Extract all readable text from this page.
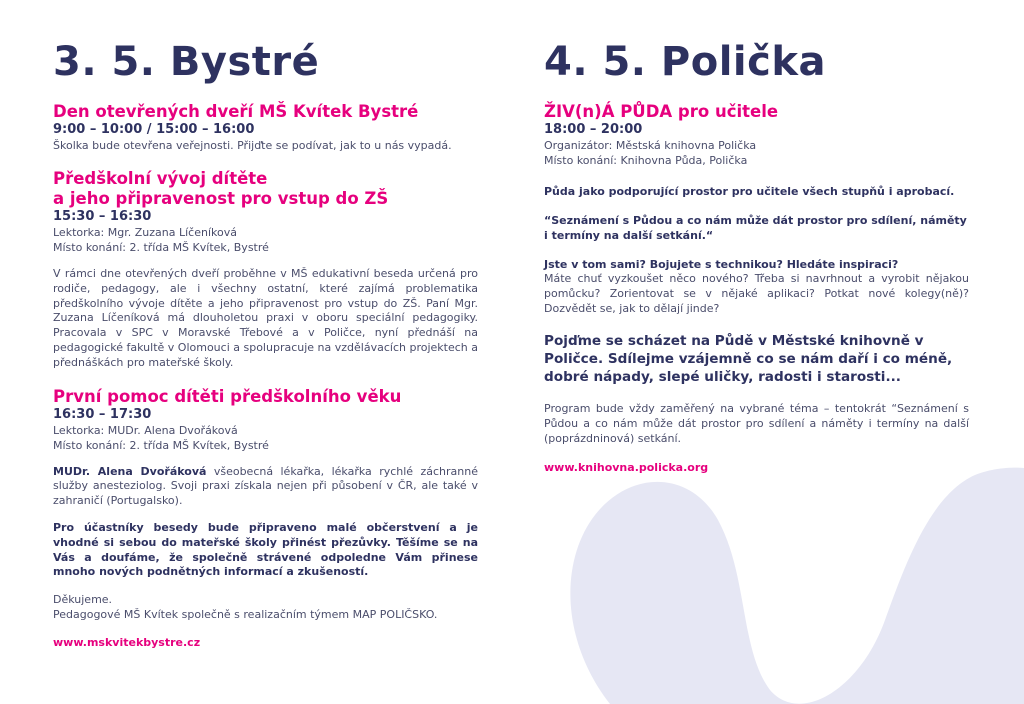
3. 5. Bystré
Den otevřených dveří MŠ Kvítek Bystré

9:00 – 10:00 / 15:00 – 16:00

Školka bude otevřena veřejnosti. Přijďte se podívat, jak to u nás vypadá.

Předškolní vývoj dítěte
a jeho připravenost pro vstup do ZŠ

15:30 – 16:30

Lektorka: Mgr. Zuzana Líčeníková

Místo konání: 2. třída MŠ Kvítek, Bystré

V rámci dne otevřených dveří proběhne v MŠ edukativní beseda určená pro rodiče, pedagogy, ale i všechny ostatní, které zajímá problematika předškolního vývoje dítěte a jeho připravenost pro vstup do ZŠ. Paní Mgr. Zuzana Líčeníková má dlouholetou praxi v oboru speciální pedagogiky. Pracovala v SPC v Moravské Třebové a v Poličce, nyní přednáší na pedagogické fakultě v Olomouci a spolupracuje na vzdělávacích projektech a přednáškách pro mateřské školy.

První pomoc dítěti předškolního věku

16:30 – 17:30

Lektorka: MUDr. Alena Dvořáková

Místo konání: 2. třída MŠ Kvítek, Bystré

MUDr. Alena Dvořáková všeobecná lékařka, lékařka rychlé záchranné služby anesteziolog. Svoji praxi získala nejen při působení v ČR, ale také v zahraničí (Portugalsko).

Pro účastníky besedy bude připraveno malé občerstvení a je vhodné si sebou do mateřské školy přinést přezůvky. Těšíme se na Vás a doufáme, že společně strávené odpoledne Vám přinese mnoho nových podnětných informací a zkušeností.

Děkujeme.

Pedagogové MŠ Kvítek společně s realizačním týmem MAP POLIČSKO.

www.mskvitekbystre.cz

4. 5. Polička
ŽIV(n)Á PŮDA pro učitele

18:00 – 20:00

Organizátor: Městská knihovna Polička

Místo konání: Knihovna Půda, Polička

Půda jako podporující prostor pro učitele všech stupňů i aprobací.

“Seznámení s Půdou a co nám může dát prostor pro sdílení, náměty i termíny na další setkání.“

Jste v tom sami? Bojujete s technikou? Hledáte inspiraci?

Máte chuť vyzkoušet něco nového? Třeba si navrhnout a vyrobit nějakou pomůcku? Zorientovat se v nějaké aplikaci? Potkat nové kolegy(ně)? Dozvědět se, jak to dělají jinde?

Pojďme se scházet na Půdě v Městské knihovně v Poličce. Sdílejme vzájemně co se nám daří i co méně, dobré nápady, slepé uličky, radosti i starosti...

Program bude vždy zaměřený na vybrané téma – tentokrát “Seznámení s Půdou a co nám může dát prostor pro sdílení a náměty i termíny na další (poprázdninová) setkání.

www.knihovna.policka.org
